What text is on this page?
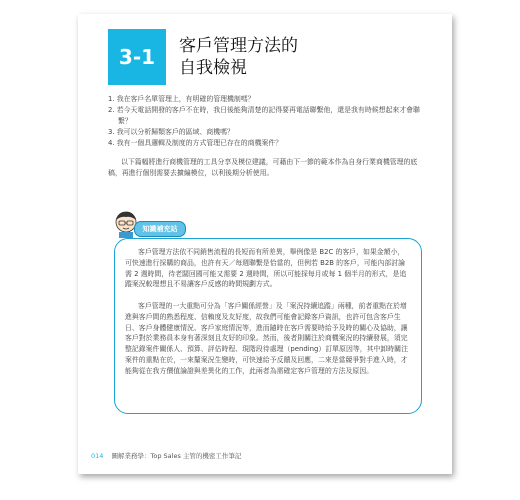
3-1	客戶管理方法的
自我檢視
1. 我在客戶名單管理上，有明確的管理機制嗎？
2. 若今天電話開發的客戶不在時，我日後能夠清楚的記得要再電話聯繫他，還是我有時候想起來才會聯繫？
3. 我可以分析歸類客戶的區域、商機嗎？
4. 我有一個具邏輯及制度的方式管理已存在的商機案件？

以下篇幅將進行商機管理的工具分享及模位建議，可藉由下一節的範本作為自身行業商機管理的底稿，再進行個別需要去擴編模位，以利後期分析使用。

知識補充站

客戶管理方法依不同銷售流程的長短而有所差異，舉例像是 B2C 的客戶，如果金額小，可快速進行採購的商品，也許有天／每週聯繫是恰當的，但例若 B2B 的客戶，可能內部討論需 2 週時間，待老闆回國可能又需要 2 週時間，所以可能採每月或每 1 個半月的形式，是追蹤案況較理想且不易讓客戶反感的時間規劃方式。

客戶管理的一大重點可分為「客戶關係經營」及「案況持續追蹤」兩種，前者重點在於增進與客戶間的熟悉程度、信賴度及友好度，故我們可能會記錄客戶資訊，也許可包含客戶生日、客戶身體健康情況、客戶家庭情況等，進而隨時在客戶需要時給予及時的關心及協助，讓客戶對於業務員本身有著深刻且友好的印象。然而，後者則關注於商機案況的持續發展，須完整記錄案件關係人、預算、評估時程、現階段待處理（pending）訂單原因等，其中卸時關注案件的重點在於，一來釐案況生變時，可快速給予反饋及回應，二來是當競爭對手進入時，才能夠從在我方價值論證與差異化的工作，此兩者為需確定客戶管理的方法及原因。

014 圖解業務學：Top Sales 主管的機密工作筆記
